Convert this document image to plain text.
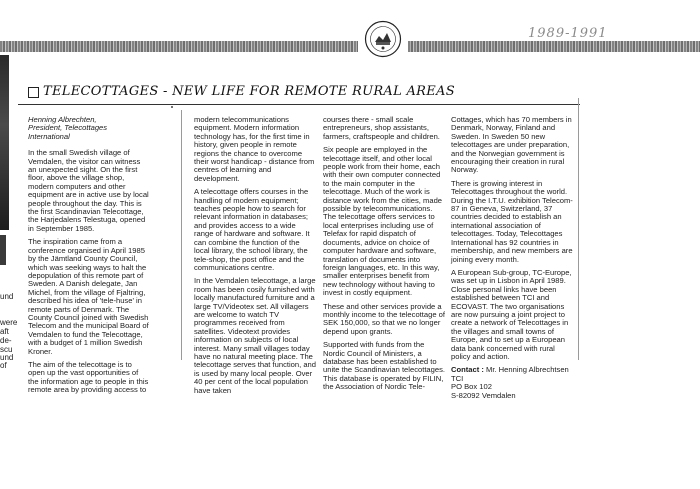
1989-1991
und
were
aft
de-
scu
und
of
TELECOTTAGES - NEW LIFE FOR REMOTE RURAL AREAS

Henning Albrechten,
President, Telecottages International

In the small Swedish village of Vemdalen, the visitor can witness an unexpected sight. On the first floor, above the village shop, modern computers and other equipment are in active use by local people throughout the day. This is the first Scandinavian Telecottage, the Harjedalens Telestuga, opened in September 1985.

The inspiration came from a conference organised in April 1985 by the Jämtland County Council, which was seeking ways to halt the depopulation of this remote part of Sweden. A Danish delegate, Jan Michel, from the village of Fjaltring, described his idea of 'tele-huse' in remote parts of Denmark. The County Council joined with Swedish Telecom and the municipal Board of Vemdalen to fund the Telecottage, with a budget of 1 million Swedish Kroner.

The aim of the telecottage is to open up the vast opportunities of the information age to people in this remote area by providing access to

modern telecommunications equipment. Modern information technology has, for the first time in history, given people in remote regions the chance to overcome their worst handicap - distance from centres of learning and development.

A telecottage offers courses in the handling of modern equipment; teaches people how to search for relevant information in databases; and provides access to a wide range of hardware and software. It can combine the function of the local library, the school library, the tele-shop, the post office and the communications centre.

In the Vemdalen telecottage, a large room has been cosily furnished with locally manufactured furniture and a large TV/Videotex set. All villagers are welcome to watch TV programmes received from satellites. Videotext provides information on subjects of local interest. Many small villages today have no natural meeting place. The telecottage serves that function, and is used by many local people. Over 40 per cent of the local population have taken

courses there - small scale entrepreneurs, shop assistants, farmers, craftspeople and children.

Six people are employed in the telecottage itself, and other local people work from their home, each with their own computer connected to the main computer in the telecottage. Much of the work is distance work from the cities, made possible by telecommunications. The telecottage offers services to local enterprises including use of Telefax for rapid dispatch of documents, advice on choice of computer hardware and software, translation of documents into foreign languages, etc. In this way, smaller enterprises benefit from new technology without having to invest in costly equipment.

These and other services provide a monthly income to the telecottage of SEK 150,000, so that we no longer depend upon grants.

Supported with funds from the Nordic Council of Ministers, a database has been established to unite the Scandinavian telecottages. This database is operated by FILIN, the Association of Nordic Tele-

Cottages, which has 70 members in Denmark, Norway, Finland and Sweden. In Sweden 50 new telecottages are under preparation, and the Norwegian government is encouraging their creation in rural Norway.

There is growing interest in Telecottages throughout the world. During the I.T.U. exhibition Telecom-87 in Geneva, Switzerland, 37 countries decided to establish an international association of telecottages. Today, Telecottages International has 92 countries in membership, and new members are joining every month.

A European Sub-group, TC-Europe, was set up in Lisbon in April 1989. Close personal links have been established between TCI and ECOVAST. The two organisations are now pursuing a joint project to create a network of Telecottages in the villages and small towns of Europe, and to set up a European data bank concerned with rural policy and action.

Contact : Mr. Henning Albrechtsen
TCI
PO Box 102
S-82092 Vemdalen
